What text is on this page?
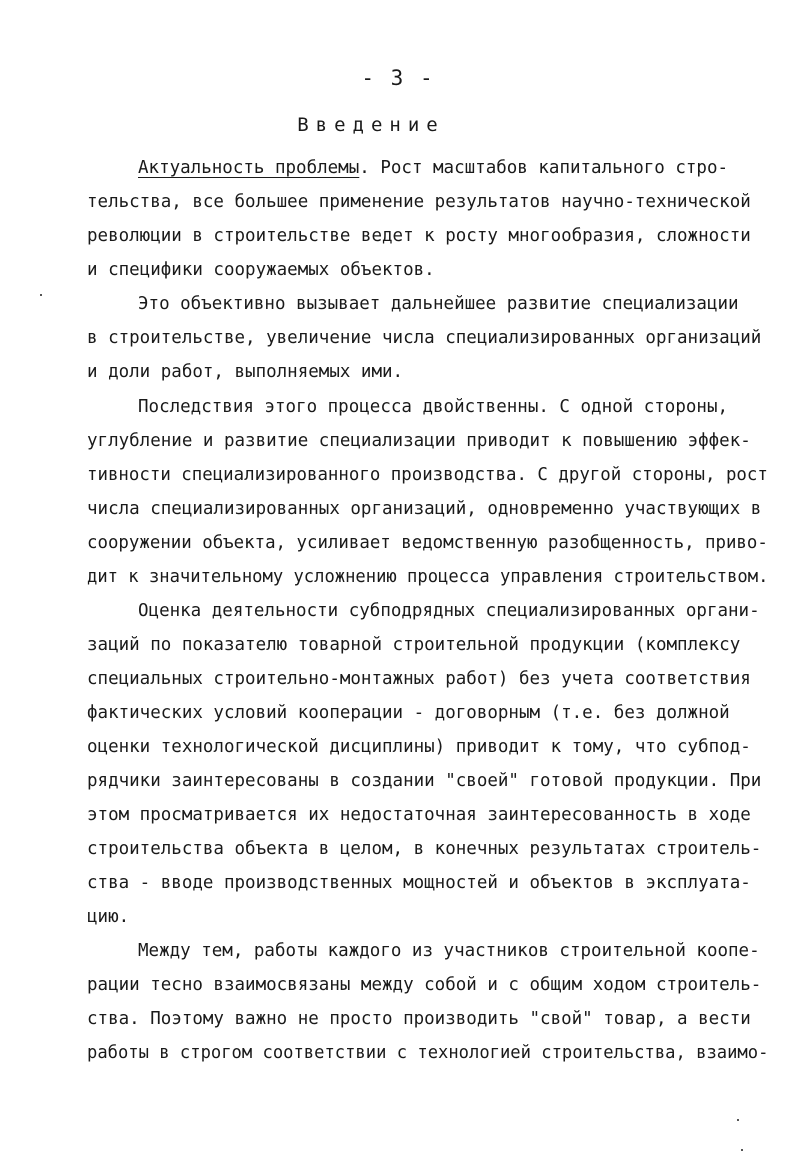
- 3 -
Введение
Актуальность проблемы. Рост масштабов капитального стро-
тельства, все большее применение результатов научно-технической
революции в строительстве ведет к росту многообразия, сложности
и специфики сооружаемых объектов.
Это объективно вызывает дальнейшее развитие специализации
в строительстве, увеличение числа специализированных организаций
и доли работ, выполняемых ими.
Последствия этого процесса двойственны. С одной стороны,
углубление и развитие специализации приводит к повышению эффек-
тивности специализированного производства. С другой стороны, рост
числа специализированных организаций, одновременно участвующих в
сооружении объекта, усиливает ведомственную разобщенность, приво-
дит к значительному усложнению процесса управления строительством.
Оценка деятельности субподрядных специализированных органи-
заций по показателю товарной строительной продукции (комплексу
специальных строительно-монтажных работ) без учета соответствия
фактических условий кооперации - договорным (т.е. без должной
оценки технологической дисциплины) приводит к тому, что субпод-
рядчики заинтересованы в создании "своей" готовой продукции. При
этом просматривается их недостаточная заинтересованность в ходе
строительства объекта в целом, в конечных результатах строитель-
ства - вводе производственных мощностей и объектов в эксплуата-
цию.
Между тем, работы каждого из участников строительной коопе-
рации тесно взаимосвязаны между собой и с общим ходом строитель-
ства. Поэтому важно не просто производить "свой" товар, а вести
работы в строгом соответствии с технологией строительства, взаимо-
